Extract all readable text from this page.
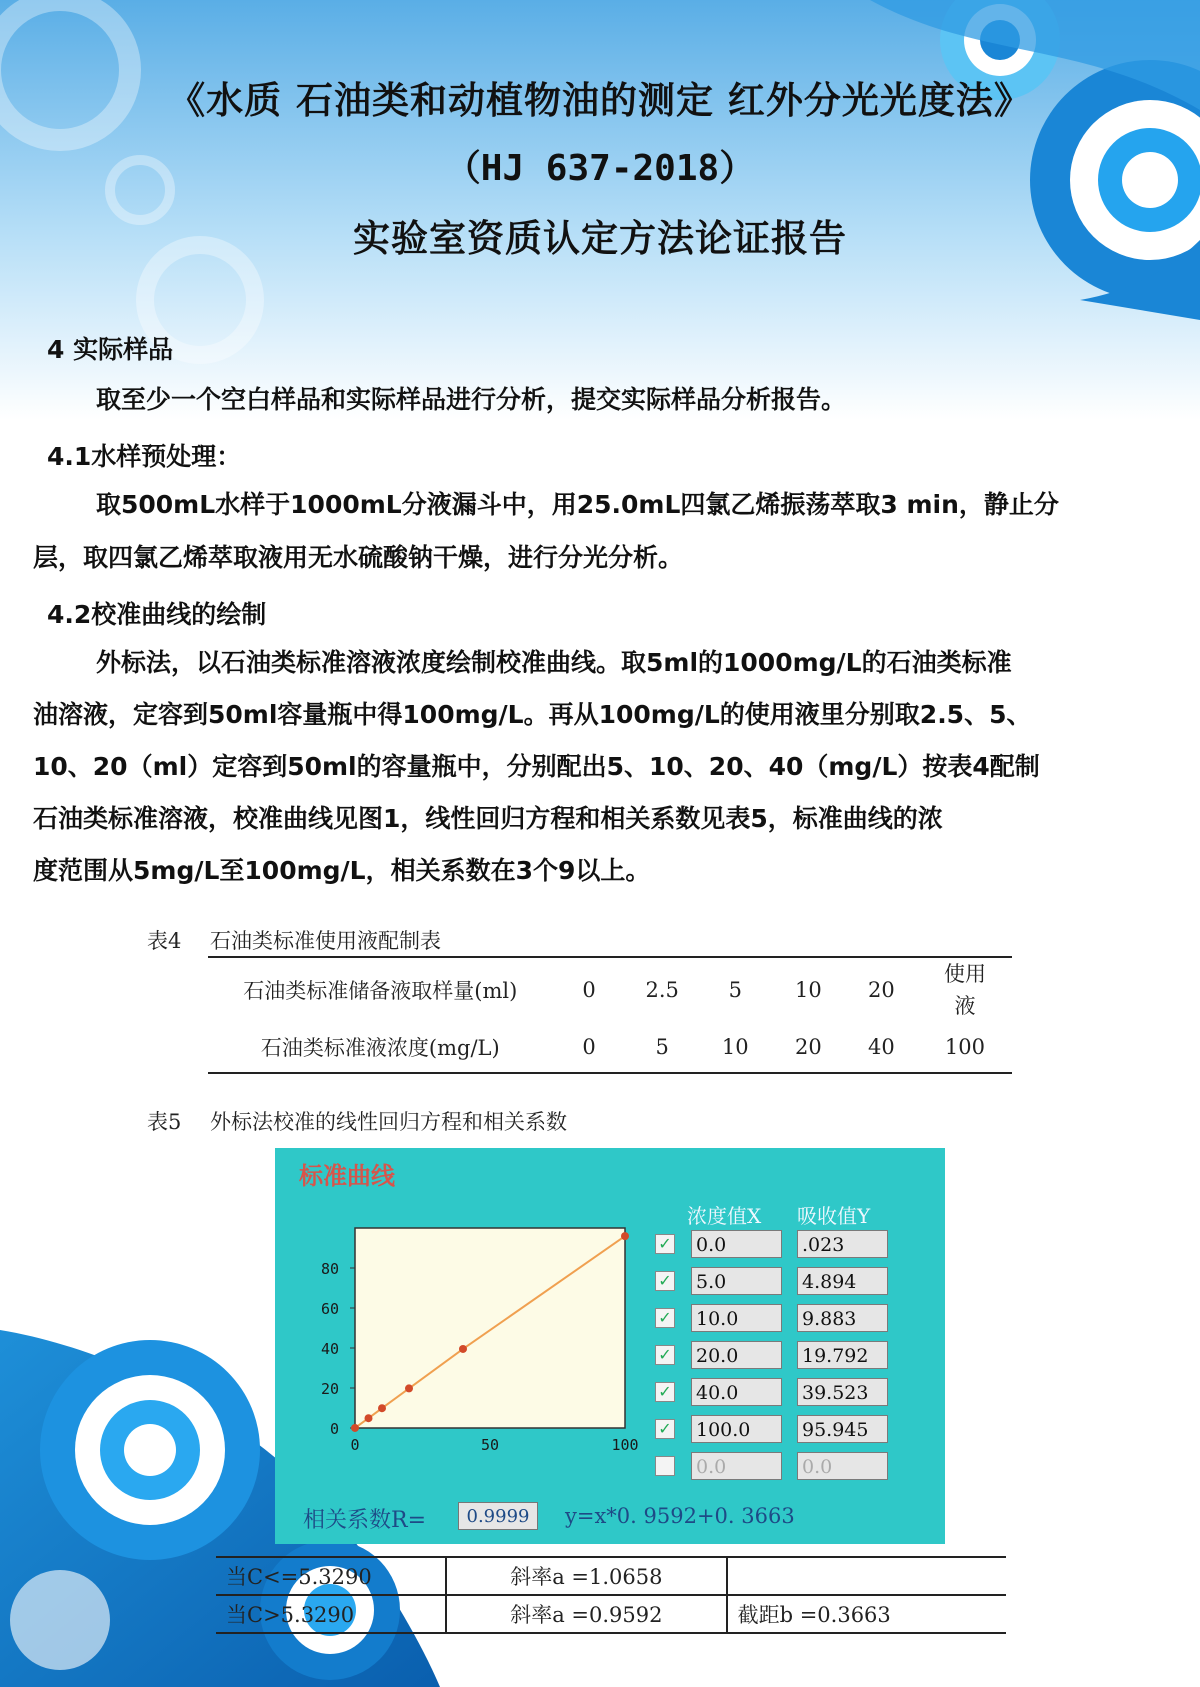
《水质 石油类和动植物油的测定 红外分光光度法》
（HJ 637-2018）
实验室资质认定方法论证报告
4 实际样品
取至少一个空白样品和实际样品进行分析，提交实际样品分析报告。
4.1水样预处理：
取500mL水样于1000mL分液漏斗中，用25.0mL四氯乙烯振荡萃取3 min，静止分
层，取四氯乙烯萃取液用无水硫酸钠干燥，进行分光分析。
4.2校准曲线的绘制
外标法，以石油类标准溶液浓度绘制校准曲线。取5ml的1000mg/L的石油类标准
油溶液，定容到50ml容量瓶中得100mg/L。再从100mg/L的使用液里分别取2.5、5、
10、20（ml）定容到50ml的容量瓶中，分别配出5、10、20、40（mg/L）按表4配制
石油类标准溶液，校准曲线见图1，线性回归方程和相关系数见表5，标准曲线的浓
度范围从5mg/L至100mg/L，相关系数在3个9以上。
表4 石油类标准使用液配制表
石油类标准储备液取样量(ml)	0	2.5	5	10	20	使用
液

石油类标准液浓度(mg/L)	0	5	10	20	40	100
表5 外标法校准的线性回归方程和相关系数
标准曲线
0
20
40
60
80
0	50	100
浓度值X 吸收值Y
✓ 0.0	.023
✓ 5.0	4.894
✓ 10.0	9.883
✓ 20.0	19.792
✓ 40.0	39.523
✓ 100.0	95.945
0.0	0.0
相关系数R=	0.9999	y=x*0. 9592+0. 3663
当C<=5.3290	斜率a =1.0658	
当C>5.3290	斜率a =0.9592	截距b =0.3663
